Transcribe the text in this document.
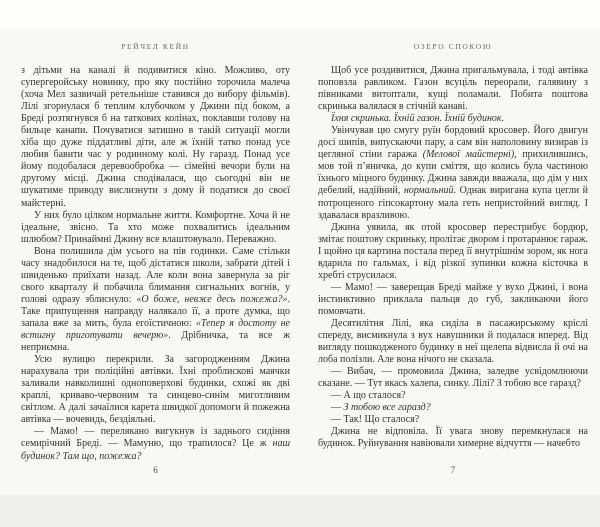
РЕЙЧЕЛ КЕЙН

з дітьми на каналі й подивитися кіно. Можливо, оту супергеройську новинку, про яку постійно торочила малеча (хоча Мел зазвичай ретельніше ставився до вибору фільмів). Лілі згорнулася б теплим клубочком у Джини під боком, а Бреді розтягнувся б на таткових колінах, поклавши голову на бильце канапи. Почуватися затишно в такій ситуації могли хіба що дуже піддатливі діти, але ж їхній татко понад усе любив бавити час у родинному колі. Ну гаразд. Понад усе йому подобалася деревообробка — сімейні вечори були на другому місці. Джина сподівалася, що сьогодні він не шукатиме приводу вислизнути з дому й податися до своєї майстерні.

У них було цілком нормальне життя. Комфортне. Хоча й не ідеальне, звісно. Та хто може похвалитись ідеальним шлюбом? Принаймні Джину все влаштовувало. Переважно.

Вона полишила дім усього на пів годинки. Саме стільки часу знадобилося на те, щоб дістатися школи, забрати дітей і швиденько приїхати назад. Але коли вона завернула за ріг свого кварталу й побачила блимання сигнальних вогнів, у голові одразу зблиснуло: «О боже, невже десь пожежа?». Таке припущення направду налякало її, а проте думка, що запала вже за мить, була егоїстичною: «Тепер я достоту не встигну приготувати вечерю». Дрібничка, та все ж неприємна.

Усю вулицю перекрили. За загородженням Джина нарахувала три поліційні автівки. Їхні проблискові маячки заливали навколишні одноповерхові будинки, схожі як дві краплі, криваво-червоним та синцево-синім миготливим світлом. А далі зачаїлися карета швидкої допомоги й пожежна автівка — вочевидь, бездіяльні.

— Мамо! — перелякано вигукнув із заднього сидіння семирічний Бреді. — Мамуню, що трапилося? Це ж наш будинок? Там що, пожежа?

6
ОЗЕРО СПОКОЮ

Щоб усе роздивитися, Джина пригальмувала, і тоді автівка поповзла равликом. Газон всуціль переорали, галявину з півниками витоптали, кущі поламали. Побита поштова скринька валялася в стічній канаві.

Їхня скринька. Їхній газон. Їхній будинок.

Увінчував цю смугу руїн бордовий кросовер. Його двигун досі шипів, випускаючи пару, а сам він наполовину визирав із цегляної стіни гаража (Мелової майстерні), прихилившись, мов той п’яничка, до купи сміття, що колись була частиною їхнього міцного будинку. Джина завжди вважала, що дім у них дебелий, надійний, нормальний. Однак виригана купа цегли й потрощеного гіпсокартону мала геть непристойний вигляд. І здавалася вразливою.

Джина уявила, як отой кросовер перестрибує бордюр, змітає поштову скриньку, пролітає двором і протаранює гараж. І щойно ця картина постала перед її внутрішнім зором, як нога вдарила по гальмах, і від різкої зупинки кожна кісточка в хребті струсилася.

— Мамо! — заверещав Бреді майже у вухо Джині, і вона інстинктивно приклала пальця до губ, закликаючи його помовчати.

Десятилітня Лілі, яка сиділа в пасажирському кріслі спереду, висмикнула з вух навушники й подалася вперед. Від вигляду пошкодженого будинку в неї щелепа відвисла й очі на лоба полізли. Але вона нічого не сказала.

— Вибач, — промовила Джина, заледве усвідомлюючи сказане. — Тут якась халепа, синку. Лілі? З тобою все гаразд?

— А що сталося?

— З тобою все гаразд?

— Так! Що сталося?

Джина не відповіла. Її увага знову перемкнулася на будинок. Руйнування навіювали химерне відчуття — начебто

7
